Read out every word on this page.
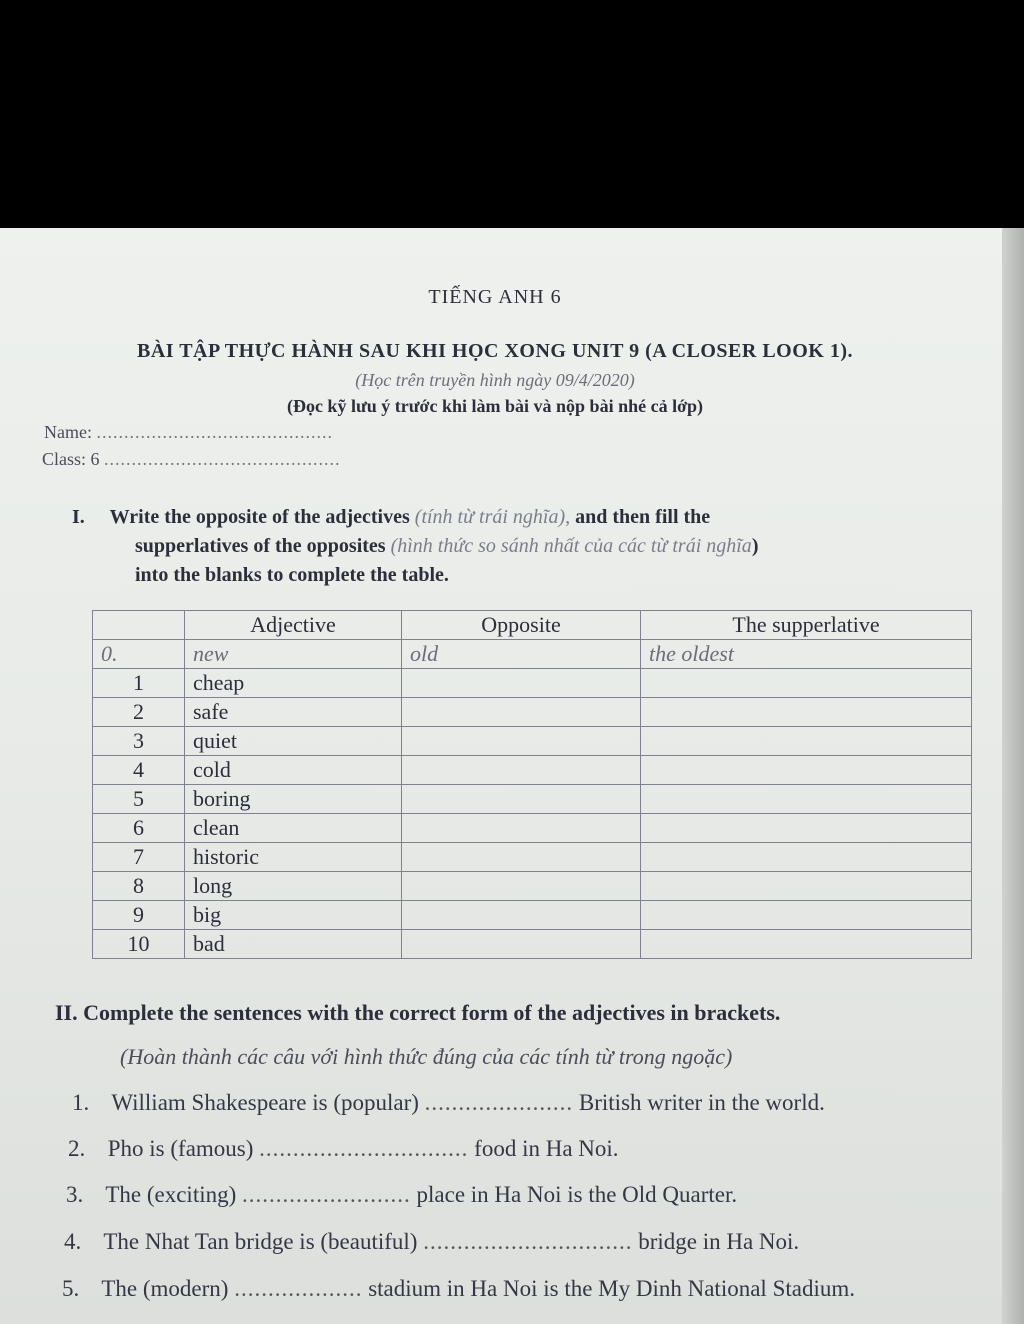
TIẾNG ANH 6
BÀI TẬP THỰC HÀNH SAU KHI HỌC XONG UNIT 9 (A CLOSER LOOK 1).
(Học trên truyền hình ngày 09/4/2020)
(Đọc kỹ lưu ý trước khi làm bài và nộp bài nhé cả lớp)
Name: ...........................................
Class: 6 ...........................................
I. Write the opposite of the adjectives (tính từ trái nghĩa), and then fill the
supperlatives of the opposites (hình thức so sánh nhất của các từ trái nghĩa)
into the blanks to complete the table.
	Adjective	Opposite	The supperlative
0.	new	old	the oldest
1	cheap		
2	safe		
3	quiet		
4	cold		
5	boring		
6	clean		
7	historic		
8	long		
9	big		
10	bad		
II. Complete the sentences with the correct form of the adjectives in brackets.
(Hoàn thành các câu với hình thức đúng của các tính từ trong ngoặc)
1. William Shakespeare is (popular) ...................... British writer in the world.
2. Pho is (famous) ............................... food in Ha Noi.
3. The (exciting) ......................... place in Ha Noi is the Old Quarter.
4. The Nhat Tan bridge is (beautiful) ............................... bridge in Ha Noi.
5. The (modern) ................... stadium in Ha Noi is the My Dinh National Stadium.
